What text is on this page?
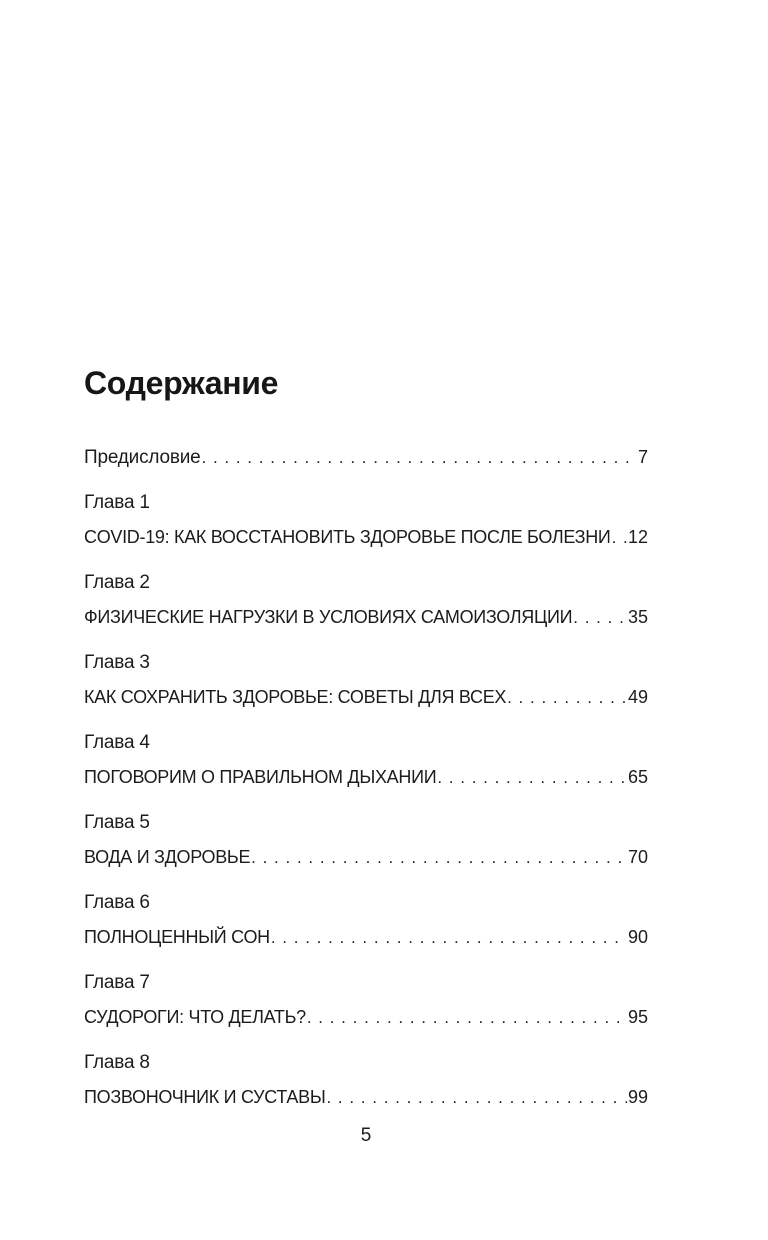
Содержание
Предисловие . . .	7
Глава 1
COVID-19: КАК ВОССТАНОВИТЬ ЗДОРОВЬЕ ПОСЛЕ БОЛЕЗНИ . . . 12
Глава 2
ФИЗИЧЕСКИЕ НАГРУЗКИ В УСЛОВИЯХ САМОИЗОЛЯЦИИ . . .	35
Глава 3
КАК СОХРАНИТЬ ЗДОРОВЬЕ: СОВЕТЫ ДЛЯ ВСЕХ . . .	49
Глава 4
ПОГОВОРИМ О ПРАВИЛЬНОМ ДЫХАНИИ . . .	65
Глава 5
ВОДА И ЗДОРОВЬЕ . . .	70
Глава 6
ПОЛНОЦЕННЫЙ СОН . . .	90
Глава 7
СУДОРОГИ: ЧТО ДЕЛАТЬ? . . .	95
Глава 8
ПОЗВОНОЧНИК И СУСТАВЫ . . .	99
5
